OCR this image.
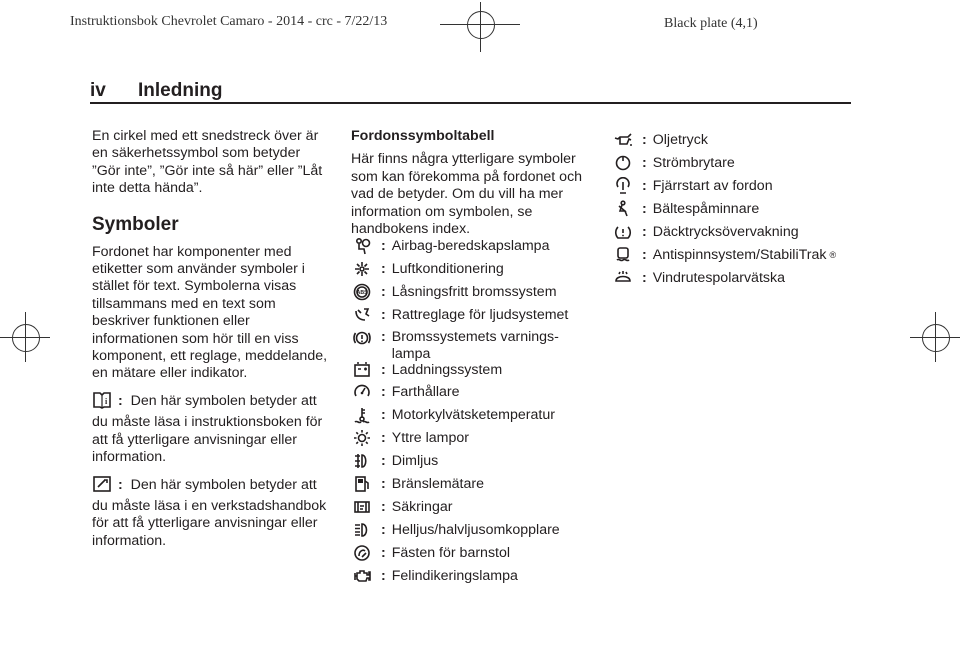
Instruktionsbok Chevrolet Camaro - 2014 - crc - 7/22/13	Black plate (4,1)
iv Inledning

En cirkel med ett snedstreck över är en säkerhetssymbol som betyder ”Gör inte”, ”Gör inte så här” eller ”Låt inte detta hända”.

Symboler

Fordonet har komponenter med etiketter som använder symboler i stället för text. Symbolerna visas tillsammans med en text som beskriver funktionen eller informationen som hör till en viss komponent, ett reglage, meddelande, en mätare eller indikator.

i : Den här symbolen betyder att du måste läsa i instruktionsboken för att få ytterligare anvisningar eller information.

: Den här symbolen betyder att du måste läsa i en verkstadshandbok för att få ytterligare anvisningar eller information.

Fordonssymboltabell

Här finns några ytterligare symboler som kan förekomma på fordonet och vad de betyder. Om du vill ha mer information om symbolen, se handbokens index.

: Airbag-beredskapslampa
: Luftkonditionering
ABS : Låsningsfritt bromssystem
: Rattreglage för ljudsystemet
: Bromssystemets varnings-lampa
: Laddningssystem
: Farthållare
: Motorkylvätsketemperatur
: Yttre lampor
: Dimljus
: Bränslemätare
: Säkringar
: Helljus/halvljusomkopplare
: Fästen för barnstol
: Felindikeringslampa
: Oljetryck
: Strömbrytare
: Fjärrstart av fordon
: Bältespåminnare
: Däcktrycksövervakning
: Antispinnsystem/StabiliTrak ®
: Vindrutespolarvätska
